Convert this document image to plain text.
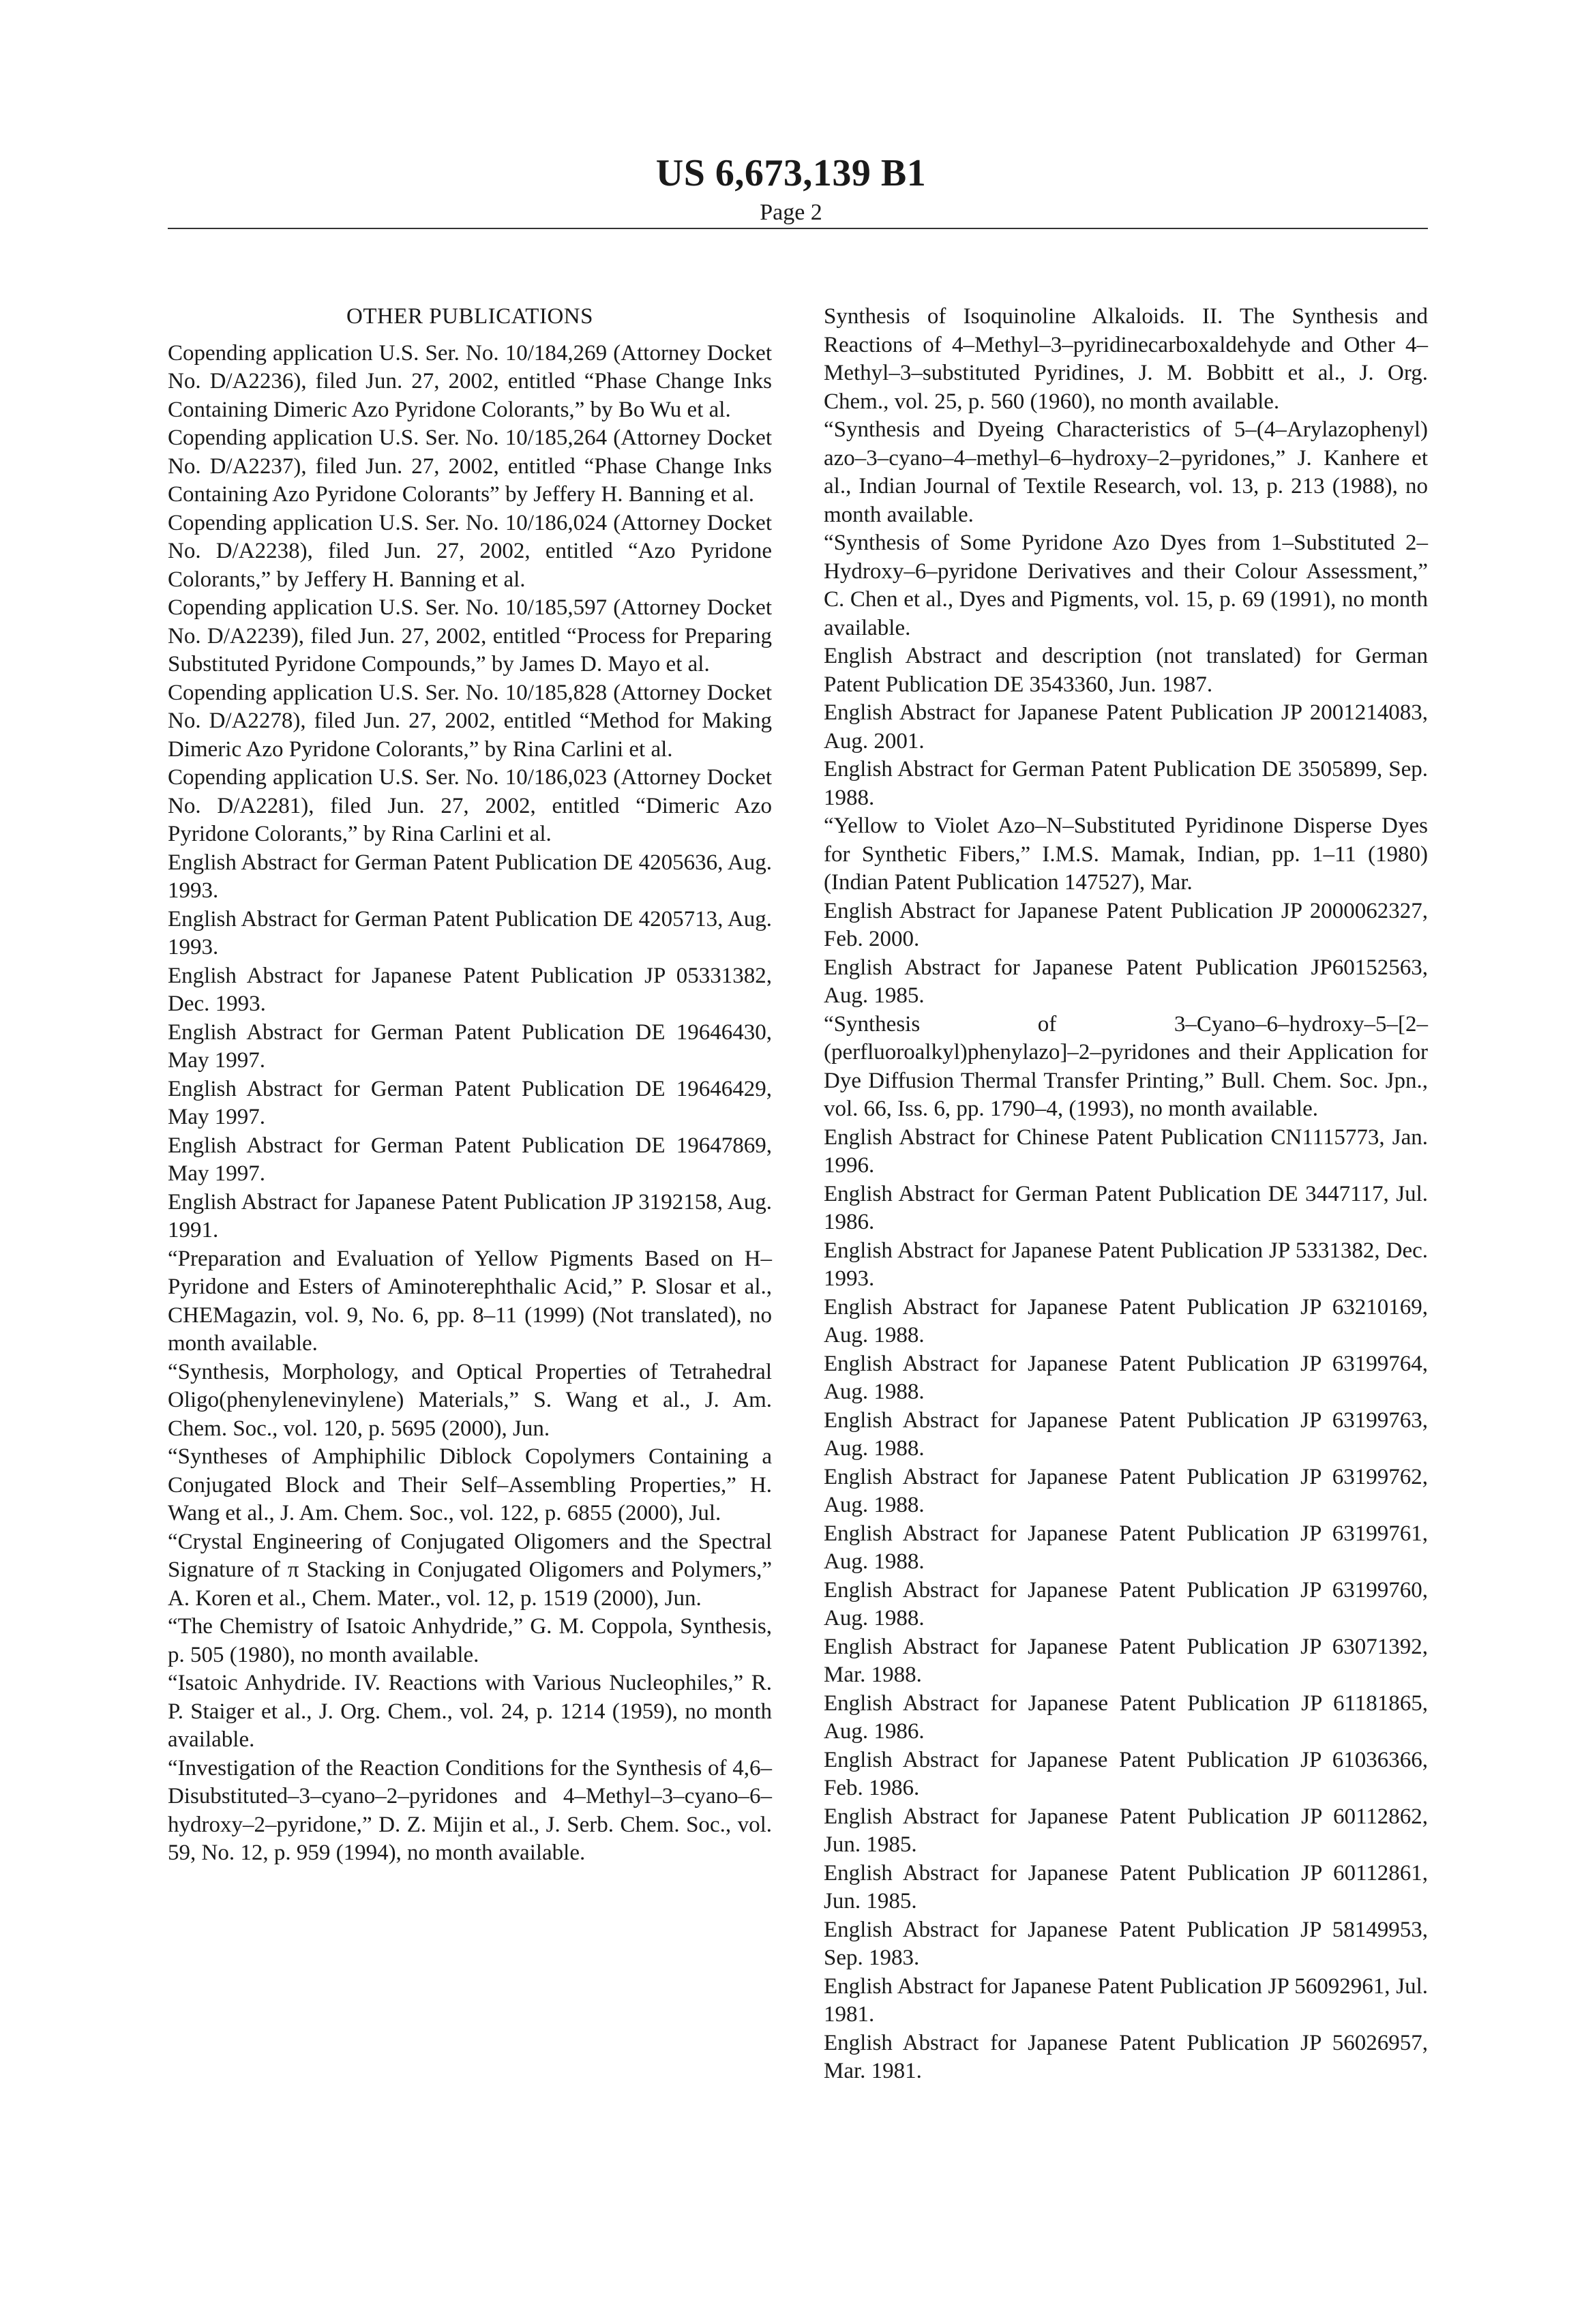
US 6,673,139 B1
Page 2
OTHER PUBLICATIONS

Copending application U.S. Ser. No. 10/184,269 (Attorney Docket No. D/A2236), filed Jun. 27, 2002, entitled “Phase Change Inks Containing Dimeric Azo Pyridone Colorants,” by Bo Wu et al.

Copending application U.S. Ser. No. 10/185,264 (Attorney Docket No. D/A2237), filed Jun. 27, 2002, entitled “Phase Change Inks Containing Azo Pyridone Colorants” by Jeffery H. Banning et al.

Copending application U.S. Ser. No. 10/186,024 (Attorney Docket No. D/A2238), filed Jun. 27, 2002, entitled “Azo Pyridone Colorants,” by Jeffery H. Banning et al.

Copending application U.S. Ser. No. 10/185,597 (Attorney Docket No. D/A2239), filed Jun. 27, 2002, entitled “Process for Preparing Substituted Pyridone Compounds,” by James D. Mayo et al.

Copending application U.S. Ser. No. 10/185,828 (Attorney Docket No. D/A2278), filed Jun. 27, 2002, entitled “Method for Making Dimeric Azo Pyridone Colorants,” by Rina Carlini et al.

Copending application U.S. Ser. No. 10/186,023 (Attorney Docket No. D/A2281), filed Jun. 27, 2002, entitled “Dimeric Azo Pyridone Colorants,” by Rina Carlini et al.

English Abstract for German Patent Publication DE 4205636, Aug. 1993.

English Abstract for German Patent Publication DE 4205713, Aug. 1993.

English Abstract for Japanese Patent Publication JP 05331382, Dec. 1993.

English Abstract for German Patent Publication DE 19646430, May 1997.

English Abstract for German Patent Publication DE 19646429, May 1997.

English Abstract for German Patent Publication DE 19647869, May 1997.

English Abstract for Japanese Patent Publication JP 3192158, Aug. 1991.

“Preparation and Evaluation of Yellow Pigments Based on H–Pyridone and Esters of Aminoterephthalic Acid,” P. Slosar et al., CHEMagazin, vol. 9, No. 6, pp. 8–11 (1999) (Not translated), no month available.

“Synthesis, Morphology, and Optical Properties of Tetrahedral Oligo(phenylenevinylene) Materials,” S. Wang et al., J. Am. Chem. Soc., vol. 120, p. 5695 (2000), Jun.

“Syntheses of Amphiphilic Diblock Copolymers Containing a Conjugated Block and Their Self–Assembling Properties,” H. Wang et al., J. Am. Chem. Soc., vol. 122, p. 6855 (2000), Jul.

“Crystal Engineering of Conjugated Oligomers and the Spectral Signature of π Stacking in Conjugated Oligomers and Polymers,” A. Koren et al., Chem. Mater., vol. 12, p. 1519 (2000), Jun.

“The Chemistry of Isatoic Anhydride,” G. M. Coppola, Synthesis, p. 505 (1980), no month available.

“Isatoic Anhydride. IV. Reactions with Various Nucleophiles,” R. P. Staiger et al., J. Org. Chem., vol. 24, p. 1214 (1959), no month available.

“Investigation of the Reaction Conditions for the Synthesis of 4,6–Disubstituted–3–cyano–2–pyridones and 4–Methyl–3–cyano–6–hydroxy–2–pyridone,” D. Z. Mijin et al., J. Serb. Chem. Soc., vol. 59, No. 12, p. 959 (1994), no month available.

Synthesis of Isoquinoline Alkaloids. II. The Synthesis and Reactions of 4–Methyl–3–pyridinecarboxaldehyde and Other 4–Methyl–3–substituted Pyridines, J. M. Bobbitt et al., J. Org. Chem., vol. 25, p. 560 (1960), no month available.

“Synthesis and Dyeing Characteristics of 5–(4–Arylazophenyl) azo–3–cyano–4–methyl–6–hydroxy–2–pyridones,” J. Kanhere et al., Indian Journal of Textile Research, vol. 13, p. 213 (1988), no month available.

“Synthesis of Some Pyridone Azo Dyes from 1–Substituted 2–Hydroxy–6–pyridone Derivatives and their Colour Assessment,” C. Chen et al., Dyes and Pigments, vol. 15, p. 69 (1991), no month available.

English Abstract and description (not translated) for German Patent Publication DE 3543360, Jun. 1987.

English Abstract for Japanese Patent Publication JP 2001214083, Aug. 2001.

English Abstract for German Patent Publication DE 3505899, Sep. 1988.

“Yellow to Violet Azo–N–Substituted Pyridinone Disperse Dyes for Synthetic Fibers,” I.M.S. Mamak, Indian, pp. 1–11 (1980) (Indian Patent Publication 147527), Mar.

English Abstract for Japanese Patent Publication JP 2000062327, Feb. 2000.

English Abstract for Japanese Patent Publication JP60152563, Aug. 1985.

“Synthesis of 3–Cyano–6–hydroxy–5–[2–(perfluoroalkyl)phenylazo]–2–pyridones and their Application for Dye Diffusion Thermal Transfer Printing,” Bull. Chem. Soc. Jpn., vol. 66, Iss. 6, pp. 1790–4, (1993), no month available.

English Abstract for Chinese Patent Publication CN1115773, Jan. 1996.

English Abstract for German Patent Publication DE 3447117, Jul. 1986.

English Abstract for Japanese Patent Publication JP 5331382, Dec. 1993.

English Abstract for Japanese Patent Publication JP 63210169, Aug. 1988.

English Abstract for Japanese Patent Publication JP 63199764, Aug. 1988.

English Abstract for Japanese Patent Publication JP 63199763, Aug. 1988.

English Abstract for Japanese Patent Publication JP 63199762, Aug. 1988.

English Abstract for Japanese Patent Publication JP 63199761, Aug. 1988.

English Abstract for Japanese Patent Publication JP 63199760, Aug. 1988.

English Abstract for Japanese Patent Publication JP 63071392, Mar. 1988.

English Abstract for Japanese Patent Publication JP 61181865, Aug. 1986.

English Abstract for Japanese Patent Publication JP 61036366, Feb. 1986.

English Abstract for Japanese Patent Publication JP 60112862, Jun. 1985.

English Abstract for Japanese Patent Publication JP 60112861, Jun. 1985.

English Abstract for Japanese Patent Publication JP 58149953, Sep. 1983.

English Abstract for Japanese Patent Publication JP 56092961, Jul. 1981.

English Abstract for Japanese Patent Publication JP 56026957, Mar. 1981.
